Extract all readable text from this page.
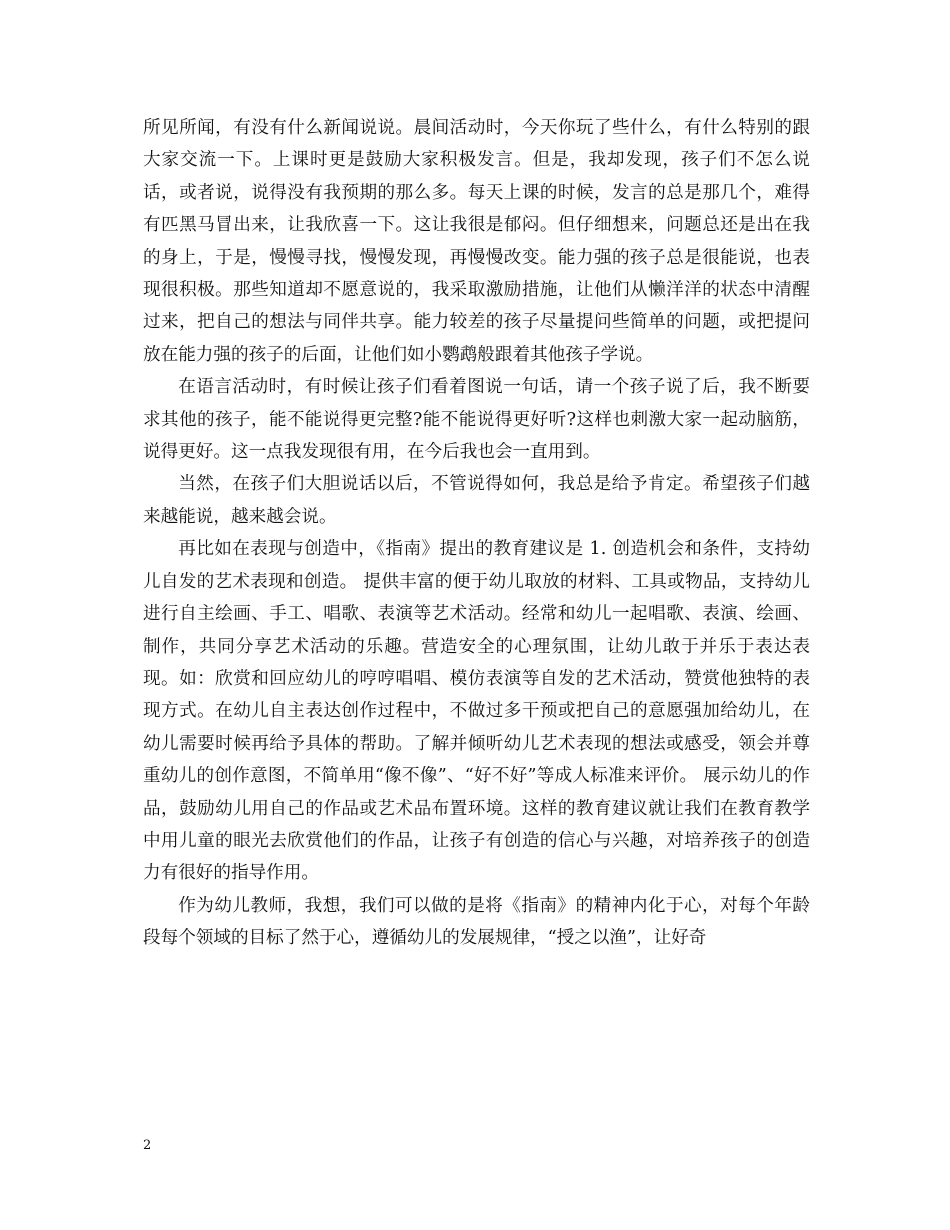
所见所闻，有没有什么新闻说说。晨间活动时，今天你玩了些什么，有什么特别的跟大家交流一下。上课时更是鼓励大家积极发言。但是，我却发现，孩子们不怎么说话，或者说，说得没有我预期的那么多。每天上课的时候，发言的总是那几个，难得有匹黑马冒出来，让我欣喜一下。这让我很是郁闷。但仔细想来，问题总还是出在我的身上，于是，慢慢寻找，慢慢发现，再慢慢改变。能力强的孩子总是很能说，也表现很积极。那些知道却不愿意说的，我采取激励措施，让他们从懒洋洋的状态中清醒过来，把自己的想法与同伴共享。能力较差的孩子尽量提问些简单的问题，或把提问放在能力强的孩子的后面，让他们如小鹦鹉般跟着其他孩子学说。

在语言活动时，有时候让孩子们看着图说一句话，请一个孩子说了后，我不断要求其他的孩子，能不能说得更完整?能不能说得更好听?这样也刺激大家一起动脑筋，说得更好。这一点我发现很有用，在今后我也会一直用到。

当然，在孩子们大胆说话以后，不管说得如何，我总是给予肯定。希望孩子们越来越能说，越来越会说。

再比如在表现与创造中，《指南》提出的教育建议是 1. 创造机会和条件，支持幼儿自发的艺术表现和创造。 提供丰富的便于幼儿取放的材料、工具或物品，支持幼儿进行自主绘画、手工、唱歌、表演等艺术活动。经常和幼儿一起唱歌、表演、绘画、制作，共同分享艺术活动的乐趣。营造安全的心理氛围，让幼儿敢于并乐于表达表现。如：欣赏和回应幼儿的哼哼唱唱、模仿表演等自发的艺术活动，赞赏他独特的表现方式。在幼儿自主表达创作过程中，不做过多干预或把自己的意愿强加给幼儿，在幼儿需要时候再给予具体的帮助。了解并倾听幼儿艺术表现的想法或感受，领会并尊重幼儿的创作意图，不简单用“像不像”、“好不好”等成人标准来评价。 展示幼儿的作品，鼓励幼儿用自己的作品或艺术品布置环境。这样的教育建议就让我们在教育教学中用儿童的眼光去欣赏他们的作品，让孩子有创造的信心与兴趣，对培养孩子的创造力有很好的指导作用。

作为幼儿教师，我想，我们可以做的是将《指南》的精神内化于心，对每个年龄段每个领域的目标了然于心，遵循幼儿的发展规律，“授之以渔”，让好奇

2
